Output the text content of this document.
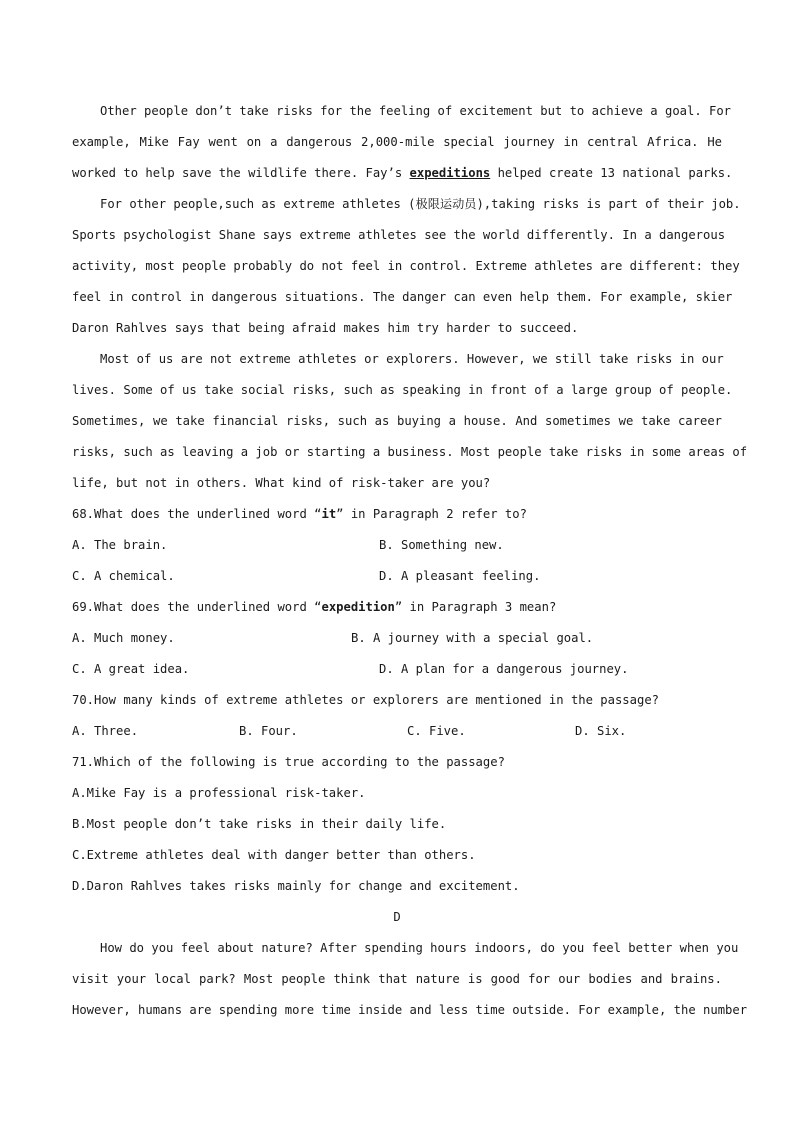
Other people don’t take risks for the feeling of excitement but to achieve a goal. For
example, Mike Fay went on a dangerous 2,000-mile special journey in central Africa. He
worked to help save the wildlife there. Fay’s expeditions helped create 13 national parks.
For other people,such as extreme athletes (极限运动员),taking risks is part of their job.
Sports psychologist Shane says extreme athletes see the world differently. In a dangerous
activity, most people probably do not feel in control. Extreme athletes are different: they
feel in control in dangerous situations. The danger can even help them. For example, skier
Daron Rahlves says that being afraid makes him try harder to succeed.
Most of us are not extreme athletes or explorers. However, we still take risks in our
lives. Some of us take social risks, such as speaking in front of a large group of people.
Sometimes, we take financial risks, such as buying a house. And sometimes we take career
risks, such as leaving a job or starting a business. Most people take risks in some areas of
life, but not in others. What kind of risk-taker are you?
68.What does the underlined word “it” in Paragraph 2 refer to?
A. The brain.	B. Something new.
C. A chemical.	D. A pleasant feeling.
69.What does the underlined word “expedition” in Paragraph 3 mean?
A. Much money.	B. A journey with a special goal.
C. A great idea.	D. A plan for a dangerous journey.
70.How many kinds of extreme athletes or explorers are mentioned in the passage?
A. Three.	B. Four.	C. Five.	D. Six.
71.Which of the following is true according to the passage?
A.Mike Fay is a professional risk-taker.
B.Most people don’t take risks in their daily life.
C.Extreme athletes deal with danger better than others.
D.Daron Rahlves takes risks mainly for change and excitement.
D
How do you feel about nature? After spending hours indoors, do you feel better when you
visit your local park? Most people think that nature is good for our bodies and brains.
However, humans are spending more time inside and less time outside. For example, the number
